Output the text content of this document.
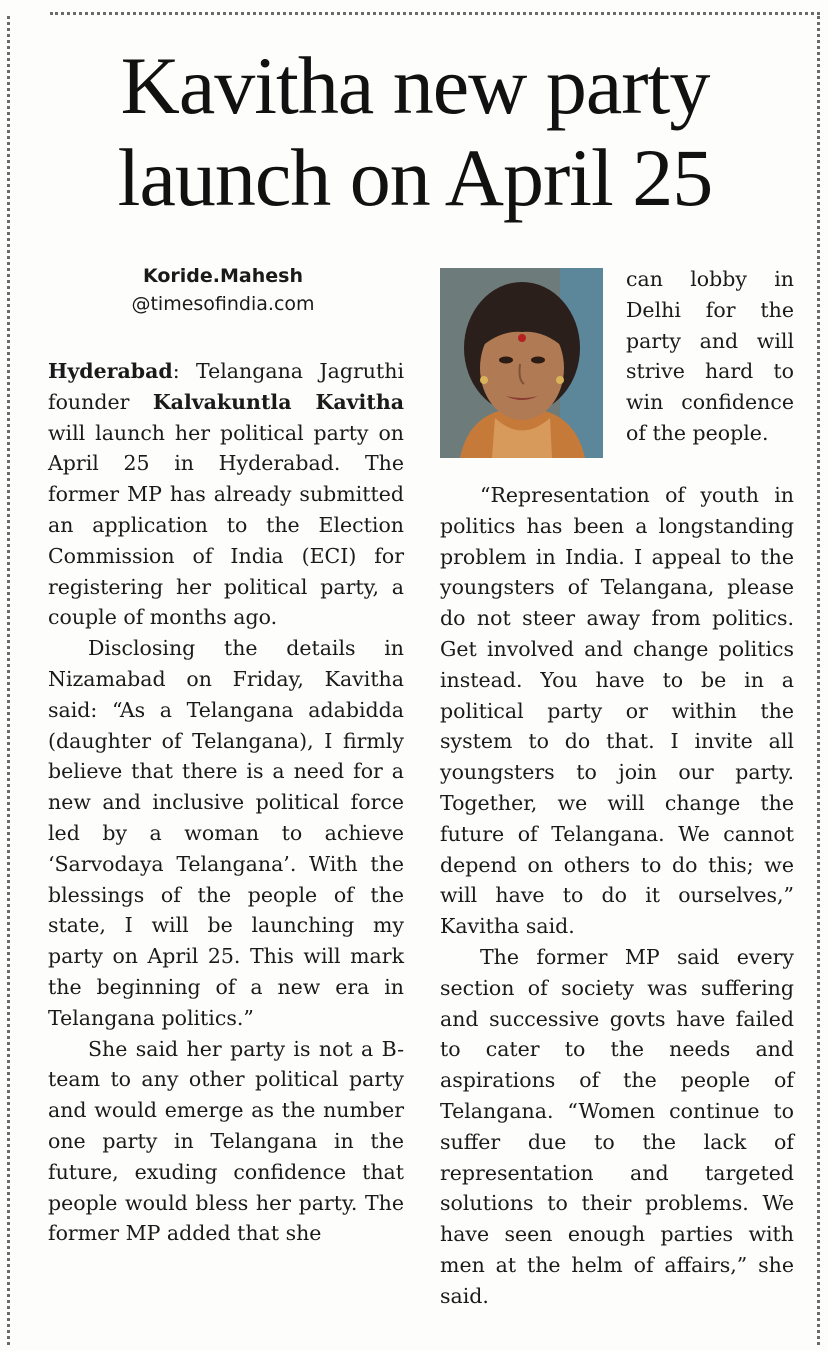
Kavitha new party
launch on April 25
Koride.Mahesh
@timesofindia.com

Hyderabad: Telangana Jagruthi founder Kalvakuntla Kavitha will launch her political party on April 25 in Hyderabad. The former MP has already submitted an application to the Election Commission of India (ECI) for registering her political party, a couple of months ago.

Disclosing the details in Nizamabad on Friday, Kavitha said: “As a Telangana adabidda (daughter of Telangana), I firmly believe that there is a need for a new and inclusive political force led by a woman to achieve ‘Sarvodaya Telangana’. With the blessings of the people of the state, I will be launching my party on April 25. This will mark the beginning of a new era in Telangana politics.”

She said her party is not a B-team to any other political party and would emerge as the number one party in Telangana in the future, exuding confidence that people would bless her party. The former MP added that she

can lobby in Delhi for the party and will strive hard to win confidence of the people.

“Representation of youth in politics has been a longstanding problem in India. I appeal to the youngsters of Telangana, please do not steer away from politics. Get involved and change politics instead. You have to be in a political party or within the system to do that. I invite all youngsters to join our party. Together, we will change the future of Telangana. We cannot depend on others to do this; we will have to do it ourselves,” Kavitha said.

The former MP said every section of society was suffering and successive govts have failed to cater to the needs and aspirations of the people of Telangana. “Women continue to suffer due to the lack of representation and targeted solutions to their problems. We have seen enough parties with men at the helm of affairs,” she said.
